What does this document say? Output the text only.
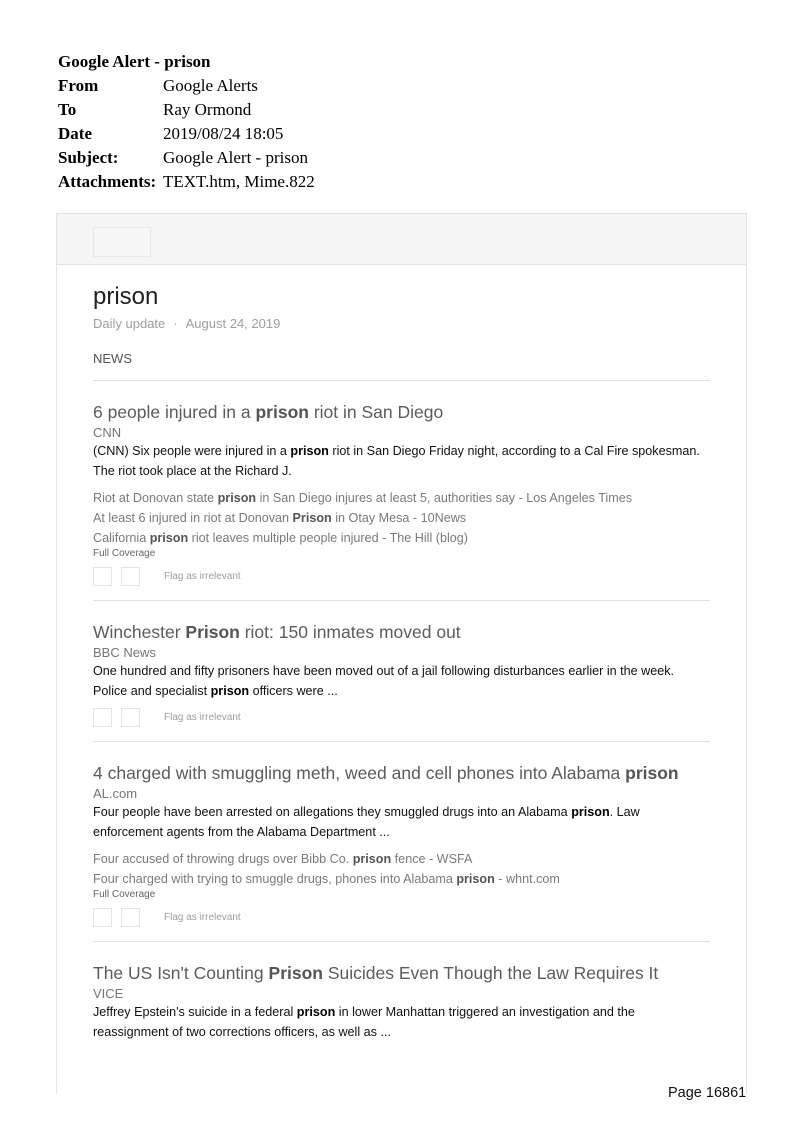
Google Alert - prison
From	Google Alerts
To	Ray Ormond
Date	2019/08/24 18:05
Subject:	Google Alert - prison
Attachments: TEXT.htm, Mime.822
prison
Daily update · August 24, 2019
NEWS
6 people injured in a prison riot in San Diego
CNN
(CNN) Six people were injured in a prison riot in San Diego Friday night, according to a Cal Fire spokesman. The riot took place at the Richard J.
Riot at Donovan state prison in San Diego injures at least 5, authorities say - Los Angeles Times
At least 6 injured in riot at Donovan Prison in Otay Mesa - 10News
California prison riot leaves multiple people injured - The Hill (blog)
Full Coverage
Flag as irrelevant
Winchester Prison riot: 150 inmates moved out
BBC News
One hundred and fifty prisoners have been moved out of a jail following disturbances earlier in the week. Police and specialist prison officers were ...
Flag as irrelevant
4 charged with smuggling meth, weed and cell phones into Alabama prison
AL.com
Four people have been arrested on allegations they smuggled drugs into an Alabama prison. Law enforcement agents from the Alabama Department ...
Four accused of throwing drugs over Bibb Co. prison fence - WSFA
Four charged with trying to smuggle drugs, phones into Alabama prison - whnt.com
Full Coverage
Flag as irrelevant
The US Isn't Counting Prison Suicides Even Though the Law Requires It
VICE
Jeffrey Epstein's suicide in a federal prison in lower Manhattan triggered an investigation and the reassignment of two corrections officers, as well as ...
Page 16861
